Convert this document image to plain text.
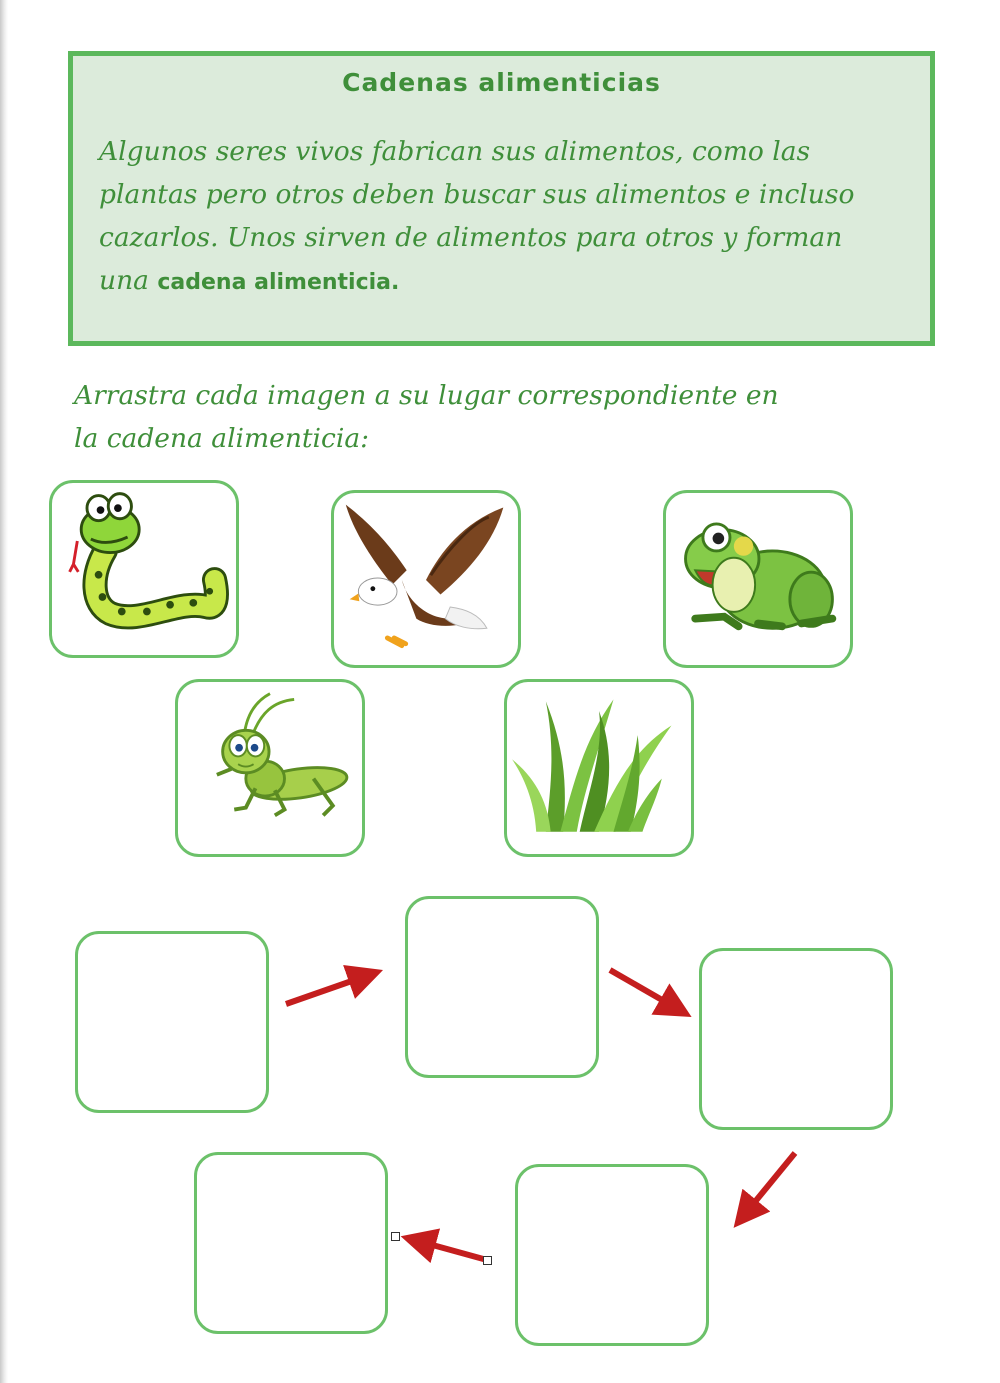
Cadenas alimenticias
Algunos seres vivos fabrican sus alimentos, como las
plantas pero otros deben buscar sus alimentos e incluso
cazarlos. Unos sirven de alimentos para otros y forman
una cadena alimenticia.
Arrastra cada imagen a su lugar correspondiente en
la cadena alimenticia:
